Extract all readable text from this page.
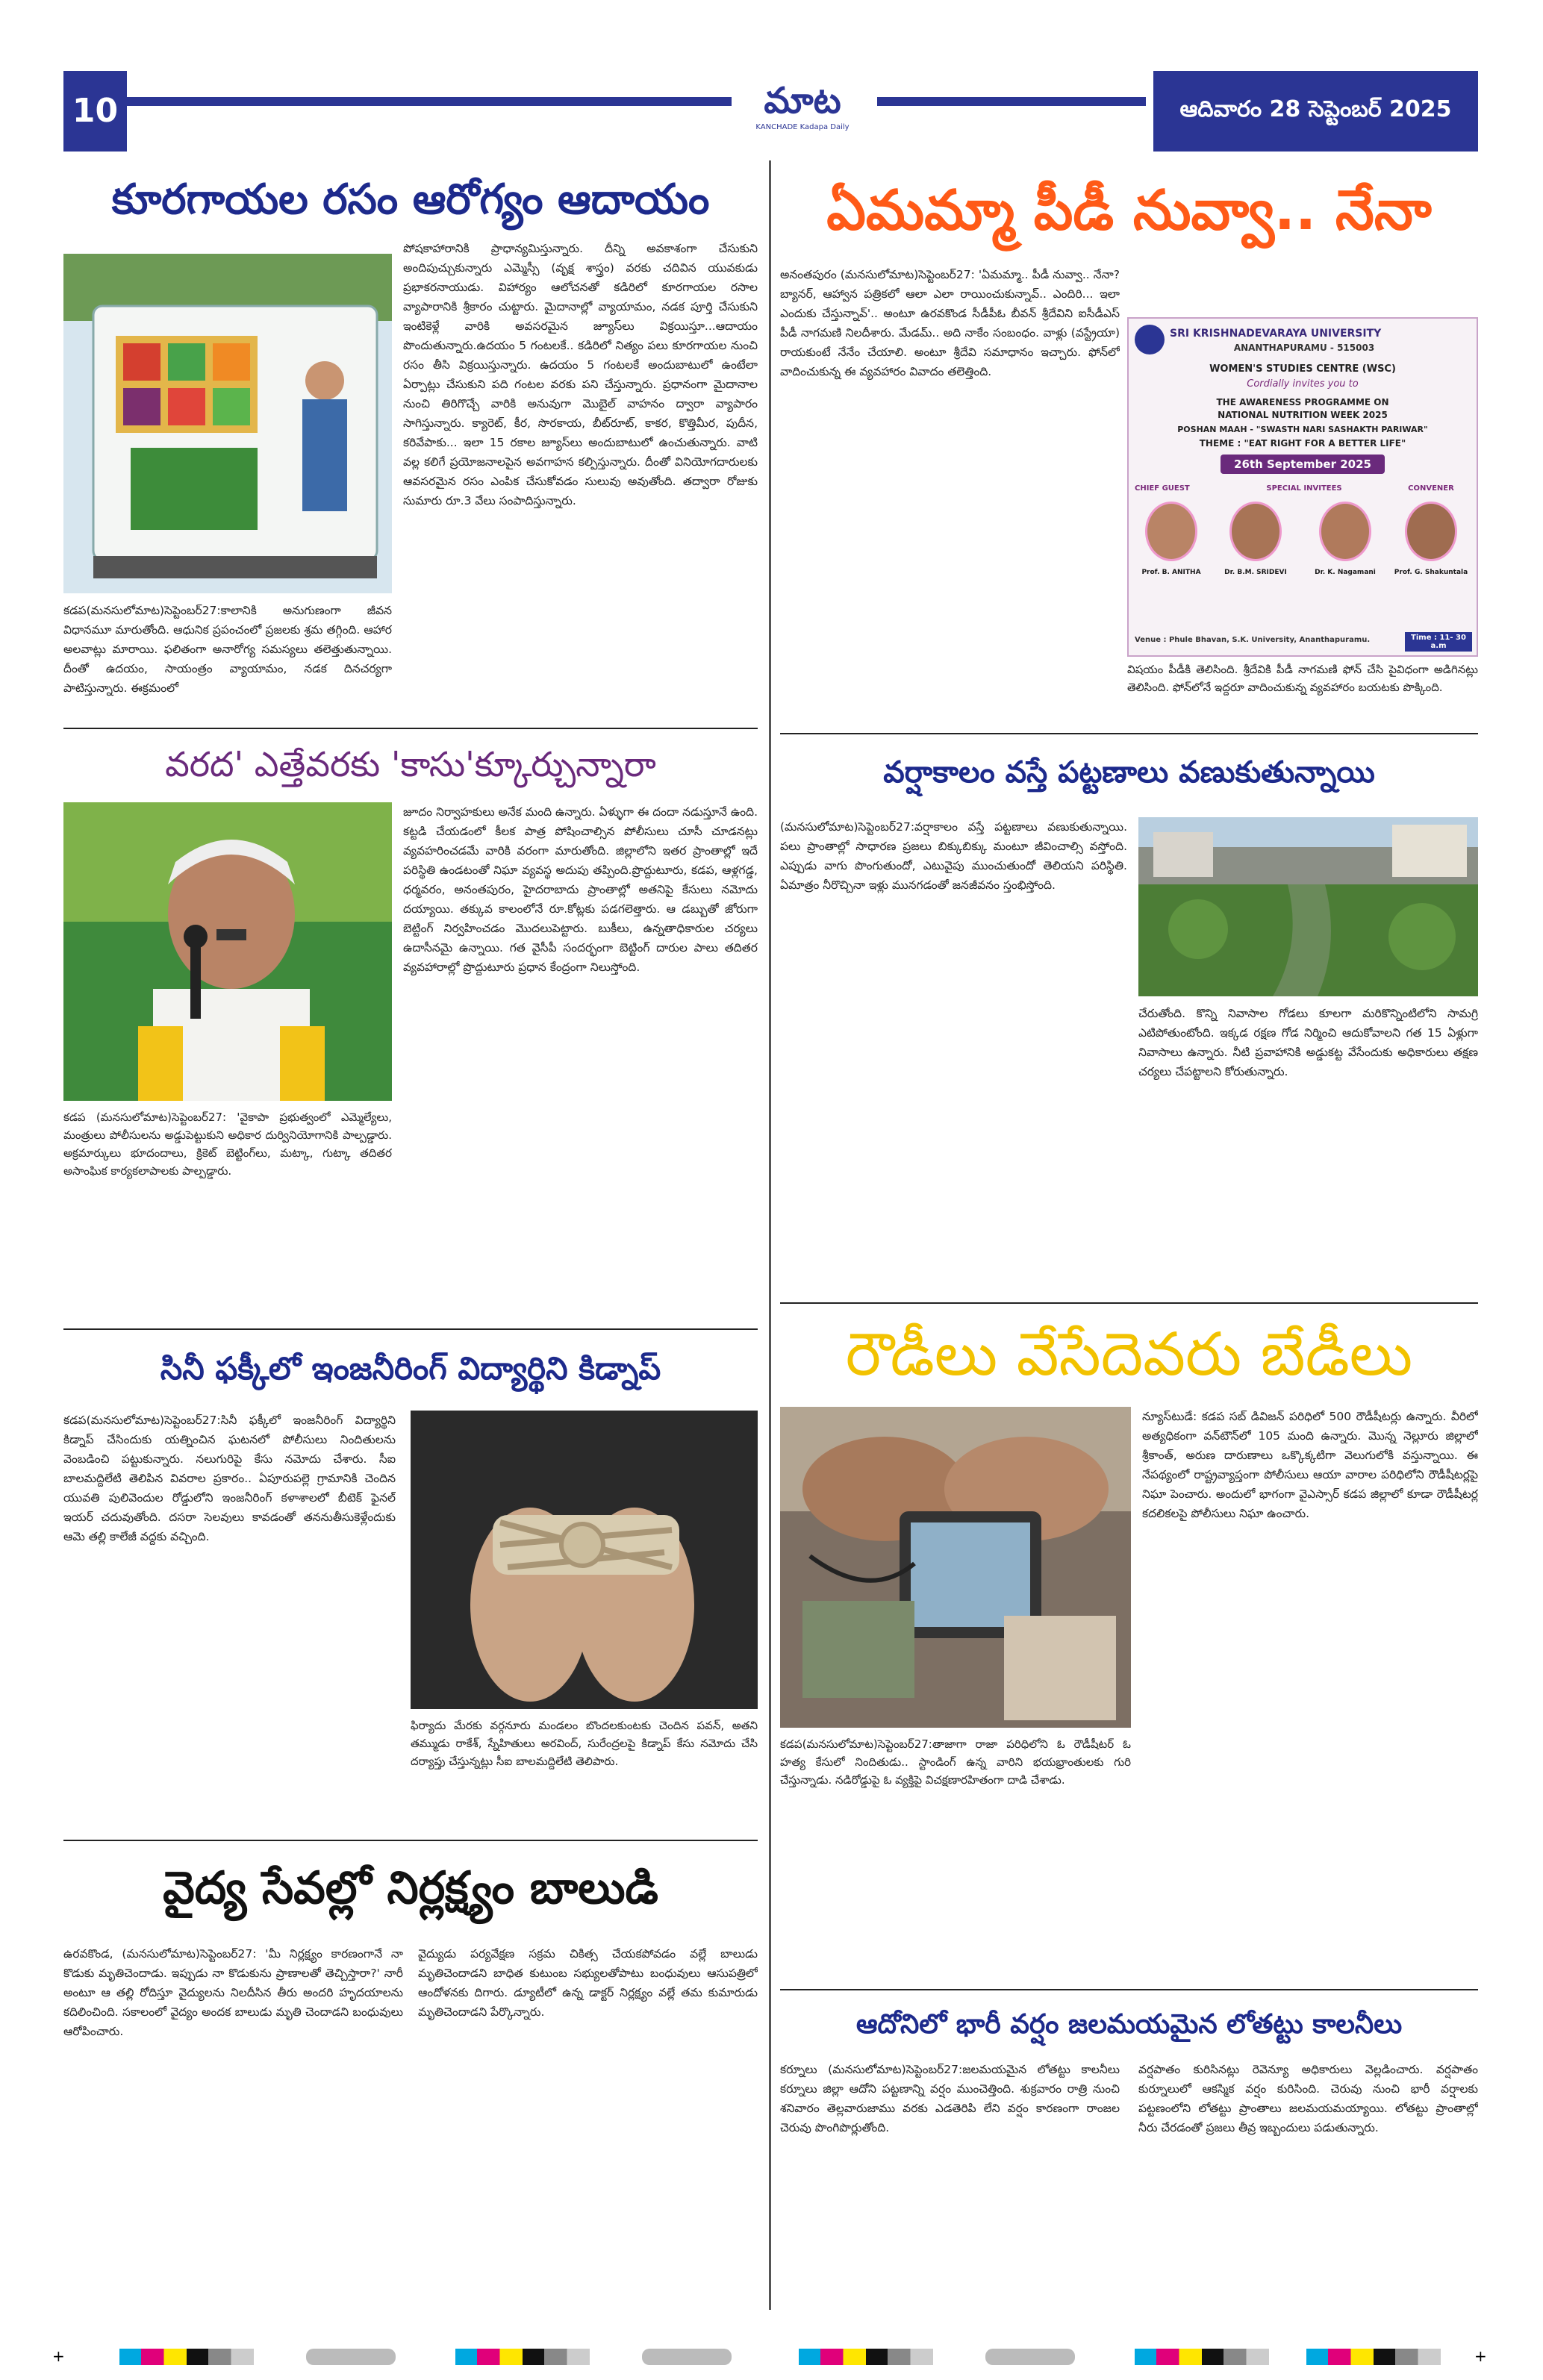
10	మాట
KANCHADE Kadapa Daily
ఆదివారం 28 సెప్టెంబర్ 2025
కూరగాయల రసం ఆరోగ్యం ఆదాయం
కడప(మనసులోమాట)సెప్టెంబర్27:కాలానికి అనుగుణంగా జీవన విధానమూ మారుతోంది. ఆధునిక ప్రపంచంలో ప్రజలకు శ్రమ తగ్గింది. ఆహార అలవాట్లు మారాయి. ఫలితంగా అనారోగ్య సమస్యలు తలెత్తుతున్నాయి. దీంతో ఉదయం, సాయంత్రం వ్యాయామం, నడక దినచర్యగా పాటిస్తున్నారు. ఈక్రమంలో
పోషకాహారానికి ప్రాధాన్యమిస్తున్నారు. దీన్ని అవకాశంగా చేసుకుని అందిపుచ్చుకున్నారు ఎమ్మెస్సీ (వృక్ష శాస్త్రం) వరకు చదివిన యువకుడు ప్రభాకరనాయుడు. విహార్యం ఆలోచనతో కడిరిలో కూరగాయల రసాల వ్యాపారానికి శ్రీకారం చుట్టారు. మైదానాల్లో వ్యాయామం, నడక పూర్తి చేసుకుని ఇంటికెళ్లే వారికి అవసరమైన జ్యూస్‌లు విక్రయిస్తూ...ఆదాయం పొందుతున్నారు.ఉదయం 5 గంటలకే.. కడిరిలో నిత్యం పలు కూరగాయల నుంచి రసం తీసి విక్రయిస్తున్నారు. ఉదయం 5 గంటలకే అందుబాటులో ఉంటేలా ఏర్పాట్లు చేసుకుని పది గంటల వరకు పని చేస్తున్నారు. ప్రధానంగా మైదానాల నుంచి తిరిగొచ్చే వారికి అనువుగా మొబైల్ వాహనం ద్వారా వ్యాపారం సాగిస్తున్నారు. క్యారెట్, కీర, సొరకాయ, బీట్‌రూట్, కాకర, కొత్తిమీర, పుదీన, కరివేపాకు... ఇలా 15 రకాల జ్యూస్‌లు అందుబాటులో ఉంచుతున్నారు. వాటి వల్ల కలిగే ప్రయోజనాలపైన అవగాహన కల్పిస్తున్నారు. దీంతో వినియోగదారులకు ఆవసరమైన రసం ఎంపిక చేసుకోవడం సులువు అవుతోంది. తద్వారా రోజుకు సుమారు రూ.3 వేలు సంపాదిస్తున్నారు.
వరద' ఎత్తేవరకు 'కాసు'క్కూర్చున్నారా
కడప (మనసులోమాట)సెప్టెంబర్27: 'వైకాపా ప్రభుత్వంలో ఎమ్మెల్యేలు, మంత్రులు పోలీసులను అడ్డుపెట్టుకుని అధికార దుర్వినియోగానికి పాల్పడ్డారు. అక్రమార్కులు భూదందాలు, క్రికెట్ బెట్టింగ్‌లు, మట్కా, గుట్కా తదితర అసాంఘిక కార్యకలాపాలకు పాల్పడ్డారు.
జూదం నిర్వాహకులు అనేక మంది ఉన్నారు. ఏళ్ళుగా ఈ దందా నడుస్తూనే ఉంది. కట్టడి చేయడంలో కీలక పాత్ర పోషించాల్సిన పోలీసులు చూసీ చూడనట్లు వ్యవహరించడమే వారికి వరంగా మారుతోంది. జిల్లాలోని ఇతర ప్రాంతాల్లో ఇదే పరిస్థితి ఉండటంతో నిఘా వ్యవస్థ అదుపు తప్పింది.ప్రొద్దుటూరు, కడప, ఆళ్లగడ్డ, ధర్మవరం, అనంతపురం, హైదరాబాదు ప్రాంతాల్లో అతనిపై కేసులు నమోదు దయ్యాయి. తక్కువ కాలంలోనే రూ.కోట్లకు పడగలెత్తారు. ఆ డబ్బుతో జోరుగా బెట్టింగ్ నిర్వహించడం మొదలుపెట్టారు. బుకీలు, ఉన్నతాధికారుల చర్యలు ఉదాసీనమై ఉన్నాయి. గత వైసీపీ సందర్భంగా బెట్టింగ్ దారుల పాలు తదితర వ్యవహారాల్లో ప్రొద్దుటూరు ప్రధాన కేంద్రంగా నిలుస్తోంది.
సినీ ఫక్కీలో ఇంజనీరింగ్ విద్యార్థిని కిడ్నాప్
కడప(మనసులోమాట)సెప్టెంబర్27:సినీ ఫక్కీలో ఇంజనీరింగ్ విద్యార్థిని కిడ్నాప్ చేసిందుకు యత్నించిన ఘటనలో పోలీసులు నిందితులను వెంబడించి పట్టుకున్నారు. నలుగురిపై కేసు నమోదు చేశారు. సీఐ బాలమద్దిలేటి తెలిపిన వివరాల ప్రకారం.. ఏపూరుపల్లె గ్రామానికి చెందిన యువతి పులివెందుల రోడ్డులోని ఇంజనీరింగ్ కళాశాలలో బీటెక్ ఫైనల్ ఇయర్ చదువుతోంది. దసరా సెలవులు కావడంతో తననుతీసుకెళ్లేందుకు ఆమె తల్లి కాలేజీ వద్దకు వచ్చింది.
ఫిర్యాదు మేరకు వర్గనూరు మండలం బొందలకుంటకు చెందిన పవన్, అతని తమ్ముడు రాకేశ్, స్నేహితులు అరవింద్, సురేంద్రలపై కిడ్నాప్ కేసు నమోదు చేసి దర్యాప్తు చేస్తున్నట్లు సీఐ బాలమద్దిలేటి తెలిపారు.
వైద్య సేవల్లో నిర్లక్ష్యం బాలుడి
ఉరవకొండ, (మనసులోమాట)సెప్టెంబర్27: 'మీ నిర్లక్ష్యం కారణంగానే నా కొడుకు మృతిచెందాడు. ఇప్పుడు నా కొడుకును ప్రాణాలతో తెచ్చిస్తారా?' నారీ అంటూ ఆ తల్లి రోదిస్తూ వైద్యులను నిలదీసిన తీరు అందరి హృదయాలను కదిలించింది. సకాలంలో వైద్యం అందక బాలుడు మృతి చెందాడని బంధువులు ఆరోపించారు.
వైద్యుడు పర్యవేక్షణ సక్రమ చికిత్స చేయకపోవడం వల్లే బాలుడు మృతిచెందాడని బాధిత కుటుంబ సభ్యులతోపాటు బంధువులు ఆసుపత్రిలో ఆందోళనకు దిగారు. డ్యూటీలో ఉన్న డాక్టర్ నిర్లక్ష్యం వల్లే తమ కుమారుడు మృతిచెందాడని పేర్కొన్నారు.
ఏమమ్మా పీడీ నువ్వా.. నేనా
అనంతపురం (మనసులోమాట)సెప్టెంబర్27: 'ఏమమ్మా.. పీడీ నువ్వా.. నేనా? బ్యానర్, ఆహ్వాన పత్రికలో ఆలా ఎలా రాయించుకున్నావ్.. ఎందిరి... ఇలా ఎందుకు చేస్తున్నావ్'.. అంటూ ఉరవకొండ సీడీపీఓ బీవన్ శ్రీదేవిని ఐసీడీఎస్ పీడీ నాగమణి నిలదీశారు. మేడమ్.. అది నాకేం సంబంధం. వాళ్లు (వస్ట్రేయా) రాయకుంటే నేనేం చేయాలి. అంటూ శ్రీదేవి సమాధానం ఇచ్చారు. ఫోన్‌లో వాదించుకున్న ఈ వ్యవహారం వివాదం తలెత్తింది.
SRI KRISHNADEVARAYA UNIVERSITY
ANANTHAPURAMU - 515003
WOMEN'S STUDIES CENTRE (WSC)
Cordially invites you to
THE AWARENESS PROGRAMME ON
NATIONAL NUTRITION WEEK 2025
POSHAN MAAH - "SWASTH NARI SASHAKTH PARIWAR"
THEME : "EAT RIGHT FOR A BETTER LIFE"
26th September 2025
CHIEF GUEST	SPECIAL INVITEES	CONVENER
Prof. B. ANITHA	Dr. B.M. SRIDEVI	Dr. K. Nagamani	Prof. G. Shakuntala
Venue : Phule Bhavan, S.K. University, Ananthapuramu.	Time : 11- 30 a.m
విషయం పీడీకి తెలిసింది. శ్రీదేవికి పీడీ నాగమణి ఫోన్ చేసి పైవిధంగా అడిగినట్లు తెలిసింది. ఫోన్‌లోనే ఇద్దరూ వాదించుకున్న వ్యవహారం బయటకు పొక్కింది.
వర్షాకాలం వస్తే పట్టణాలు వణుకుతున్నాయి
(మనసులోమాట)సెప్టెంబర్27:వర్షాకాలం వస్తే పట్టణాలు వణుకుతున్నాయి. పలు ప్రాంతాల్లో సాధారణ ప్రజలు బిక్కుబిక్కు మంటూ జీవించాల్సి వస్తోంది. ఎప్పుడు వాగు పొంగుతుందో, ఎటువైపు ముంచుతుందో తెలియని పరిస్థితి. ఏమాత్రం నీరొచ్చినా ఇళ్లు మునగడంతో జనజీవనం స్తంభిస్తోంది.
చేరుతోంది. కొన్ని నివాసాల గోడలు కూలగా మరికొన్నింటిలోని సామగ్రి ఎటిపోతుంటోంది. ఇక్కడ రక్షణ గోడ నిర్మించి ఆదుకోవాలని గత 15 ఏళ్లుగా నివాసాలు ఉన్నారు. నీటి ప్రవాహానికి అడ్డుకట్ట వేసేందుకు అధికారులు తక్షణ చర్యలు చేపట్టాలని కోరుతున్నారు.
రౌడీలు వేసేదెవరు బేడీలు
కడప(మనసులోమాట)సెప్టెంబర్27:తాజాగా రాజా పరిధిలోని ఓ రౌడీషీటర్ ఓ హత్య కేసులో నిందితుడు.. స్టాండింగ్ ఉన్న వారిని భయభ్రాంతులకు గురి చేస్తున్నాడు. నడిరోడ్డుపై ఓ వ్యక్తిపై విచక్షణారహితంగా దాడి చేశాడు.
న్యూస్‌టుడే: కడప సబ్ డివిజన్ పరిధిలో 500 రౌడీషీటర్లు ఉన్నారు. వీరిలో అత్యధికంగా వన్‌టౌన్‌లో 105 మంది ఉన్నారు. మొన్న నెల్లూరు జిల్లాలో శ్రీకాంత్, అరుణ దారుణాలు ఒక్కొక్కటిగా వెలుగులోకి వస్తున్నాయి. ఈ నేపథ్యంలో రాష్ట్రవ్యాప్తంగా పోలీసులు ఆయా వారాల పరిధిలోని రౌడీషీటర్లపై నిఘా పెంచారు. అందులో భాగంగా వైఎస్సార్ కడప జిల్లాలో కూడా రౌడీషీటర్ల కదలికలపై పోలీసులు నిఘా ఉంచారు.
ఆదోనిలో భారీ వర్షం జలమయమైన లోతట్టు కాలనీలు
కర్నూలు (మనసులోమాట)సెప్టెంబర్27:జలమయమైన లోతట్టు కాలనీలు కర్నూలు జిల్లా ఆదోని పట్టణాన్ని వర్షం ముంచెత్తింది. శుక్రవారం రాత్రి నుంచి శనివారం తెల్లవారుజాము వరకు ఎడతెరిపి లేని వర్షం కారణంగా రాంజల చెరువు పొంగిపొర్లుతోంది.
వర్షపాతం కురిసినట్లు రెవెన్యూ అధికారులు వెల్లడించారు. వర్షపాతం కుర్నూలులో ఆకస్మిక వర్షం కురిసింది. చెరువు నుంచి భారీ వర్షాలకు పట్టణంలోని లోతట్టు ప్రాంతాలు జలమయమయ్యాయి. లోతట్టు ప్రాంతాల్లో నీరు చేరడంతో ప్రజలు తీవ్ర ఇబ్బందులు పడుతున్నారు.
+	+
